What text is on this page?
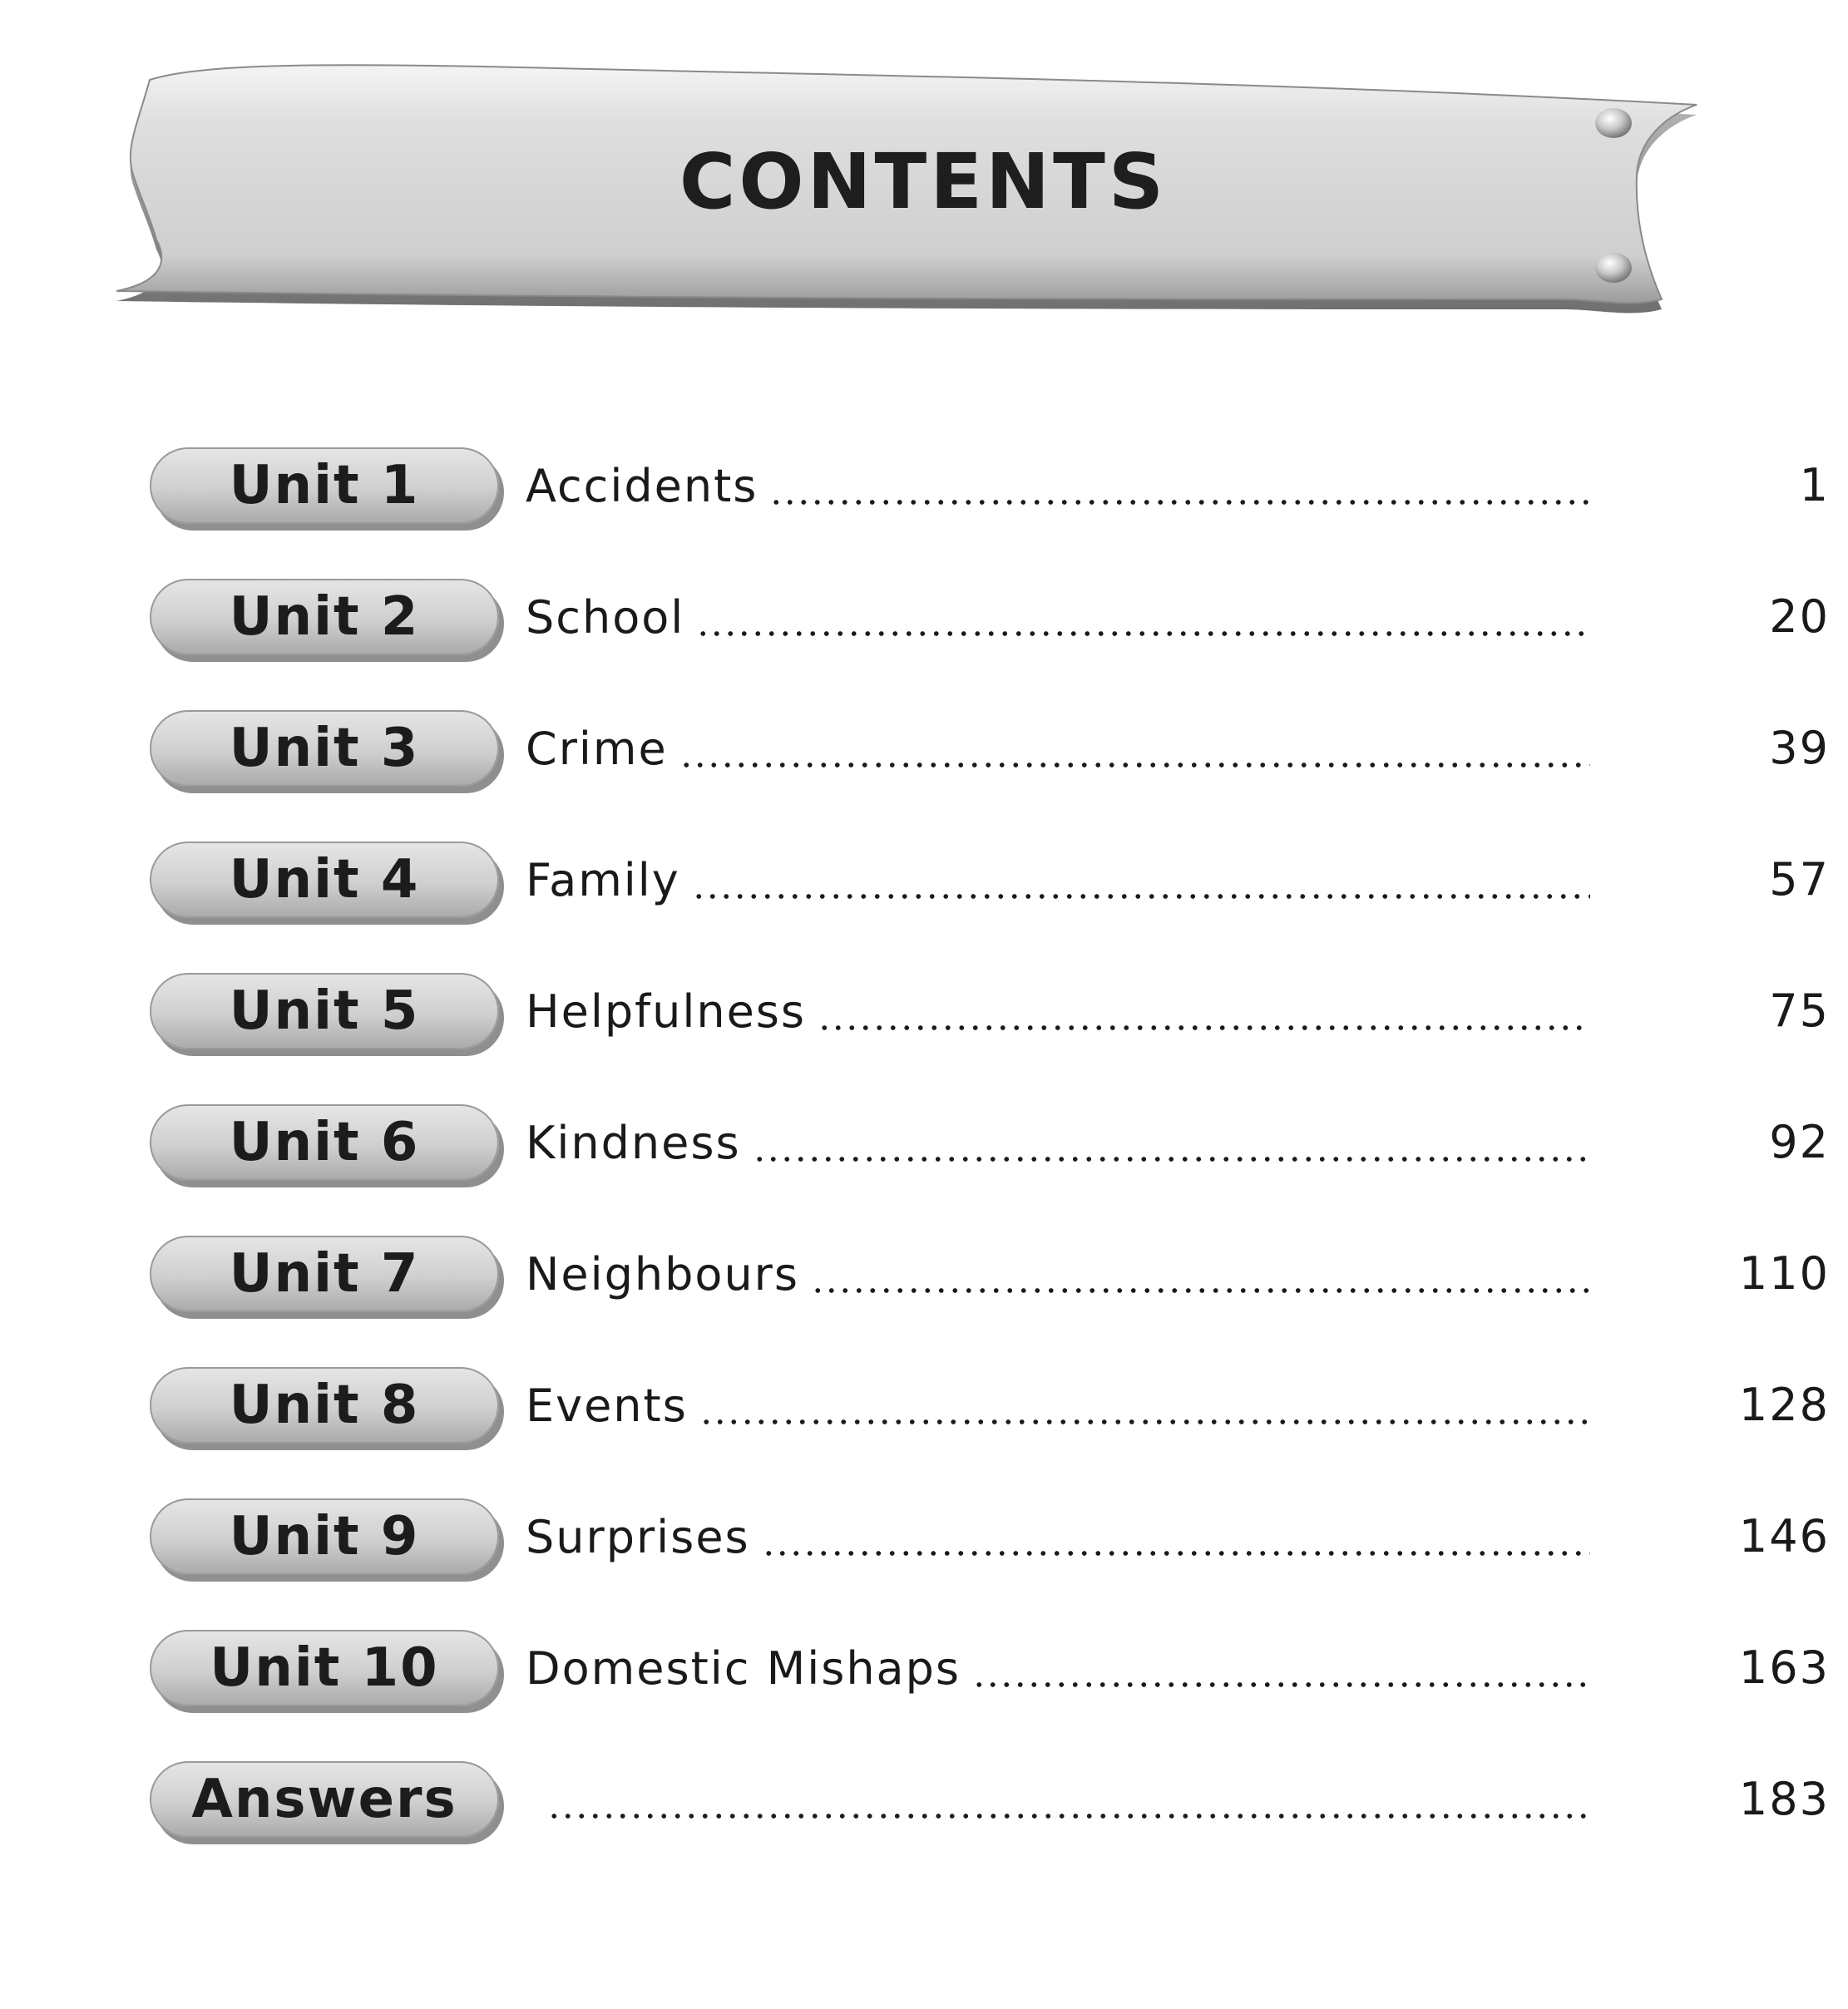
CONTENTS
Unit 1	Accidents	1
Unit 2	School	20
Unit 3	Crime	39
Unit 4	Family	57
Unit 5	Helpfulness	75
Unit 6	Kindness	92
Unit 7	Neighbours	110
Unit 8	Events	128
Unit 9	Surprises	146
Unit 10	Domestic Mishaps	163
Answers	183
